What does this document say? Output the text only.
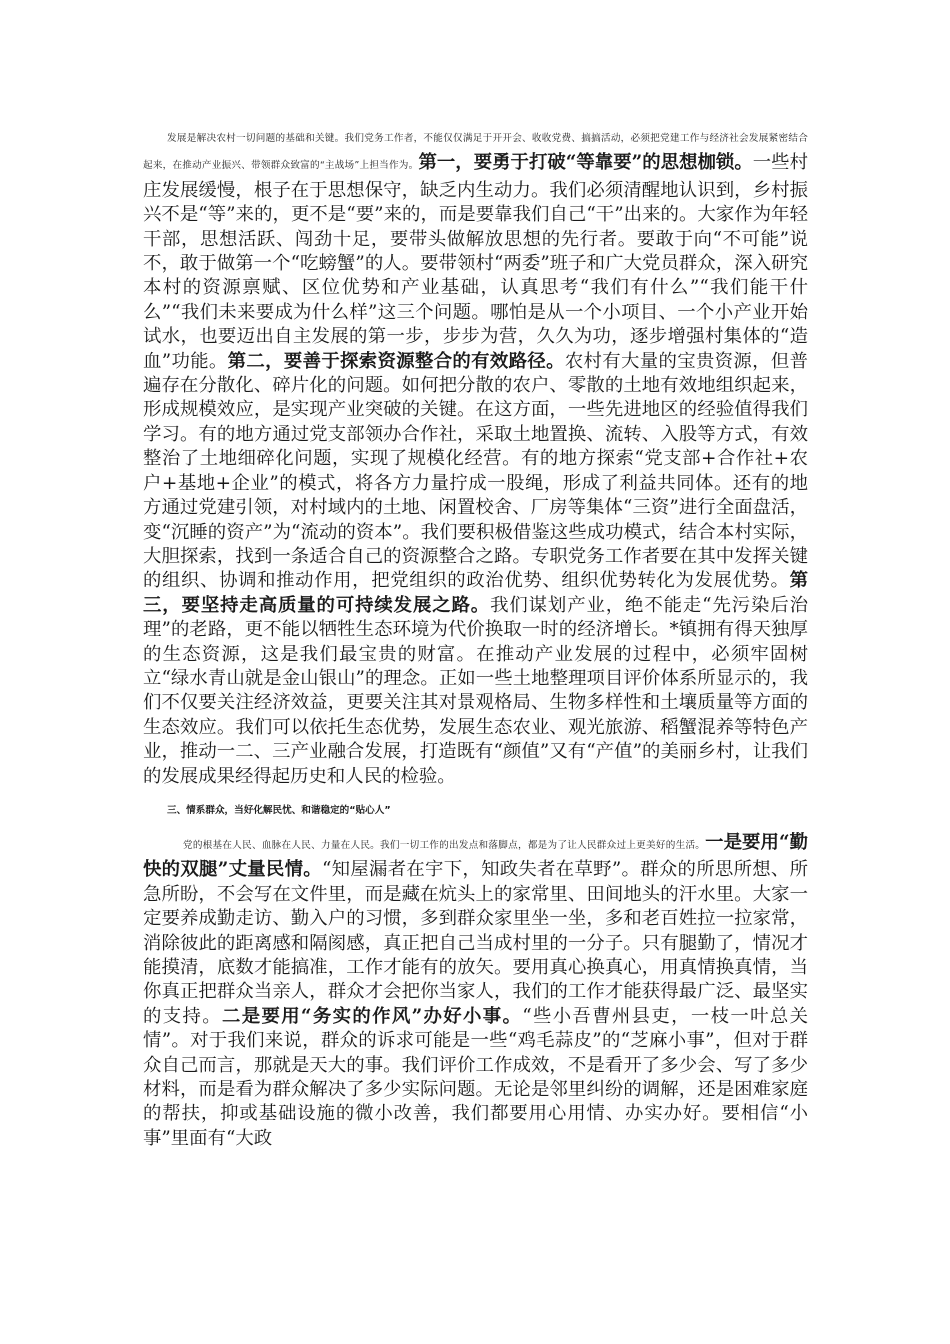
发展是解决农村一切问题的基础和关键。我们党务工作者，不能仅仅满足于开开会、收收党费、搞搞活动，必须把党建工作与经济社会发展紧密结合起来，在推动产业振兴、带领群众致富的“主战场”上担当作为。第一，要勇于打破“等靠要”的思想枷锁。一些村庄发展缓慢，根子在于思想保守，缺乏内生动力。我们必须清醒地认识到，乡村振兴不是“等”来的，更不是“要”来的，而是要靠我们自己“干”出来的。大家作为年轻干部，思想活跃、闯劲十足，要带头做解放思想的先行者。要敢于向“不可能”说不，敢于做第一个“吃螃蟹”的人。要带领村“两委”班子和广大党员群众，深入研究本村的资源禀赋、区位优势和产业基础，认真思考“我们有什么”“我们能干什么”“我们未来要成为什么样”这三个问题。哪怕是从一个小项目、一个小产业开始试水，也要迈出自主发展的第一步，步步为营，久久为功，逐步增强村集体的“造血”功能。第二，要善于探索资源整合的有效路径。农村有大量的宝贵资源，但普遍存在分散化、碎片化的问题。如何把分散的农户、零散的土地有效地组织起来，形成规模效应，是实现产业突破的关键。在这方面，一些先进地区的经验值得我们学习。有的地方通过党支部领办合作社，采取土地置换、流转、入股等方式，有效整治了土地细碎化问题，实现了规模化经营。有的地方探索“党支部+合作社+农户+基地+企业”的模式，将各方力量拧成一股绳，形成了利益共同体。还有的地方通过党建引领，对村域内的土地、闲置校舍、厂房等集体“三资”进行全面盘活，变“沉睡的资产”为“流动的资本”。我们要积极借鉴这些成功模式，结合本村实际，大胆探索，找到一条适合自己的资源整合之路。专职党务工作者要在其中发挥关键的组织、协调和推动作用，把党组织的政治优势、组织优势转化为发展优势。第三，要坚持走高质量的可持续发展之路。我们谋划产业，绝不能走“先污染后治理”的老路，更不能以牺牲生态环境为代价换取一时的经济增长。*镇拥有得天独厚的生态资源，这是我们最宝贵的财富。在推动产业发展的过程中，必须牢固树立“绿水青山就是金山银山”的理念。正如一些土地整理项目评价体系所显示的，我们不仅要关注经济效益，更要关注其对景观格局、生物多样性和土壤质量等方面的生态效应。我们可以依托生态优势，发展生态农业、观光旅游、稻蟹混养等特色产业，推动一二、三产业融合发展，打造既有“颜值”又有“产值”的美丽乡村，让我们的发展成果经得起历史和人民的检验。

三、情系群众，当好化解民忧、和谐稳定的“贴心人”

党的根基在人民、血脉在人民、力量在人民。我们一切工作的出发点和落脚点，都是为了让人民群众过上更美好的生活。一是要用“勤快的双腿”丈量民情。“知屋漏者在宇下，知政失者在草野”。群众的所思所想、所急所盼，不会写在文件里，而是藏在炕头上的家常里、田间地头的汗水里。大家一定要养成勤走访、勤入户的习惯，多到群众家里坐一坐，多和老百姓拉一拉家常，消除彼此的距离感和隔阂感，真正把自己当成村里的一分子。只有腿勤了，情况才能摸清，底数才能搞准，工作才能有的放矢。要用真心换真心，用真情换真情，当你真正把群众当亲人，群众才会把你当家人，我们的工作才能获得最广泛、最坚实的支持。二是要用“务实的作风”办好小事。“些小吾曹州县吏，一枝一叶总关情”。对于我们来说，群众的诉求可能是一些“鸡毛蒜皮”的“芝麻小事”，但对于群众自己而言，那就是天大的事。我们评价工作成效，不是看开了多少会、写了多少材料，而是看为群众解决了多少实际问题。无论是邻里纠纷的调解，还是困难家庭的帮扶，抑或基础设施的微小改善，我们都要用心用情、办实办好。要相信“小事”里面有“大政
